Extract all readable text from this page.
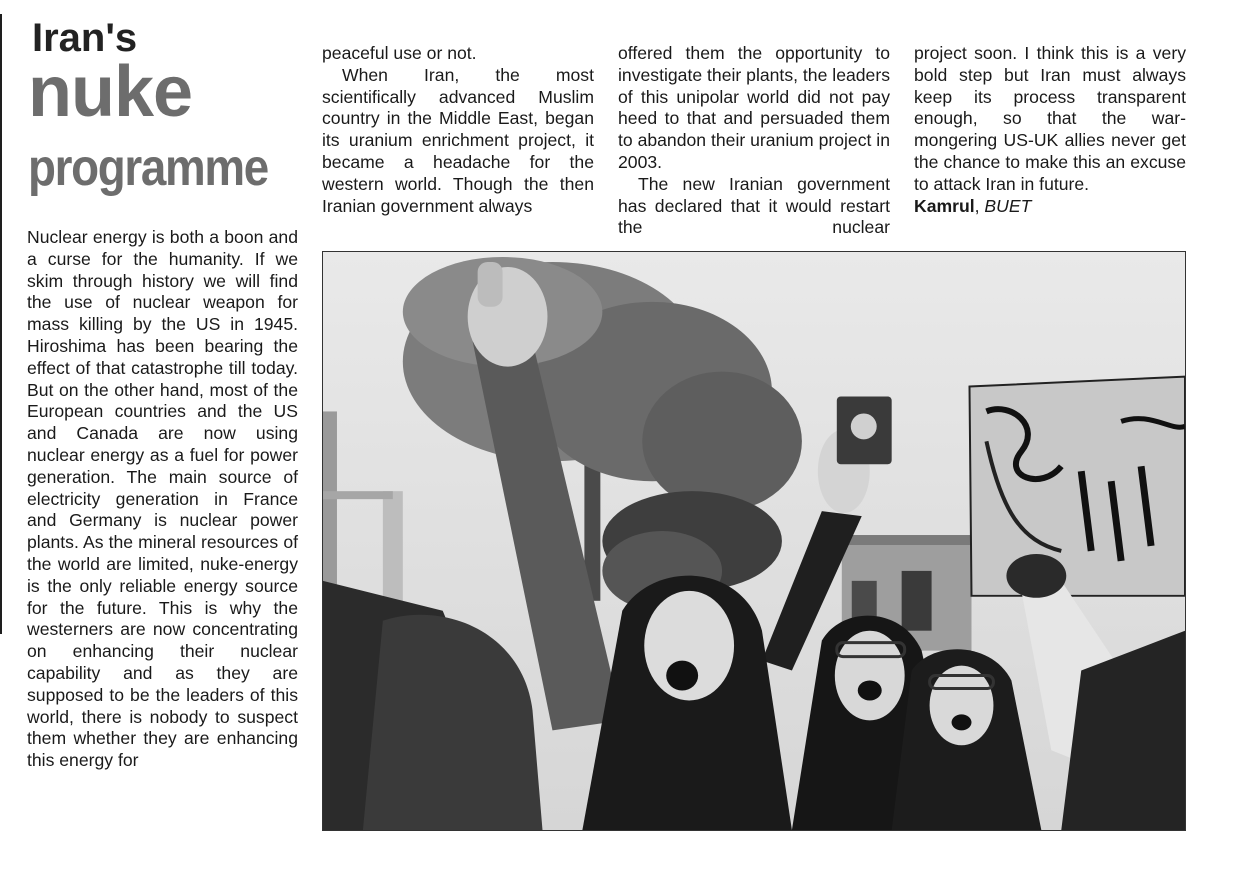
Iran's
nuke
programme

Nuclear energy is both a boon and a curse for the humanity. If we skim through history we will find the use of nuclear weapon for mass killing by the US in 1945. Hiroshima has been bearing the effect of that catastrophe till today. But on the other hand, most of the European countries and the US and Canada are now using nuclear energy as a fuel for power generation. The main source of electricity generation in France and Germany is nuclear power plants. As the mineral resources of the world are limited, nuke-energy is the only reliable energy source for the future. This is why the westerners are now concentrating on enhancing their nuclear capability and as they are supposed to be the leaders of this world, there is nobody to suspect them whether they are enhancing this energy for

peaceful use or not.

When Iran, the most scientifically advanced Muslim country in the Middle East, began its uranium enrichment project, it became a headache for the western world. Though the then Iranian government always

offered them the opportunity to investigate their plants, the leaders of this unipolar world did not pay heed to that and persuaded them to abandon their uranium project in 2003.

The new Iranian government has declared that it would restart the nuclear

project soon. I think this is a very bold step but Iran must always keep its process transparent enough, so that the war-mongering US-UK allies never get the chance to make this an excuse to attack Iran in future.

Kamrul, BUET
